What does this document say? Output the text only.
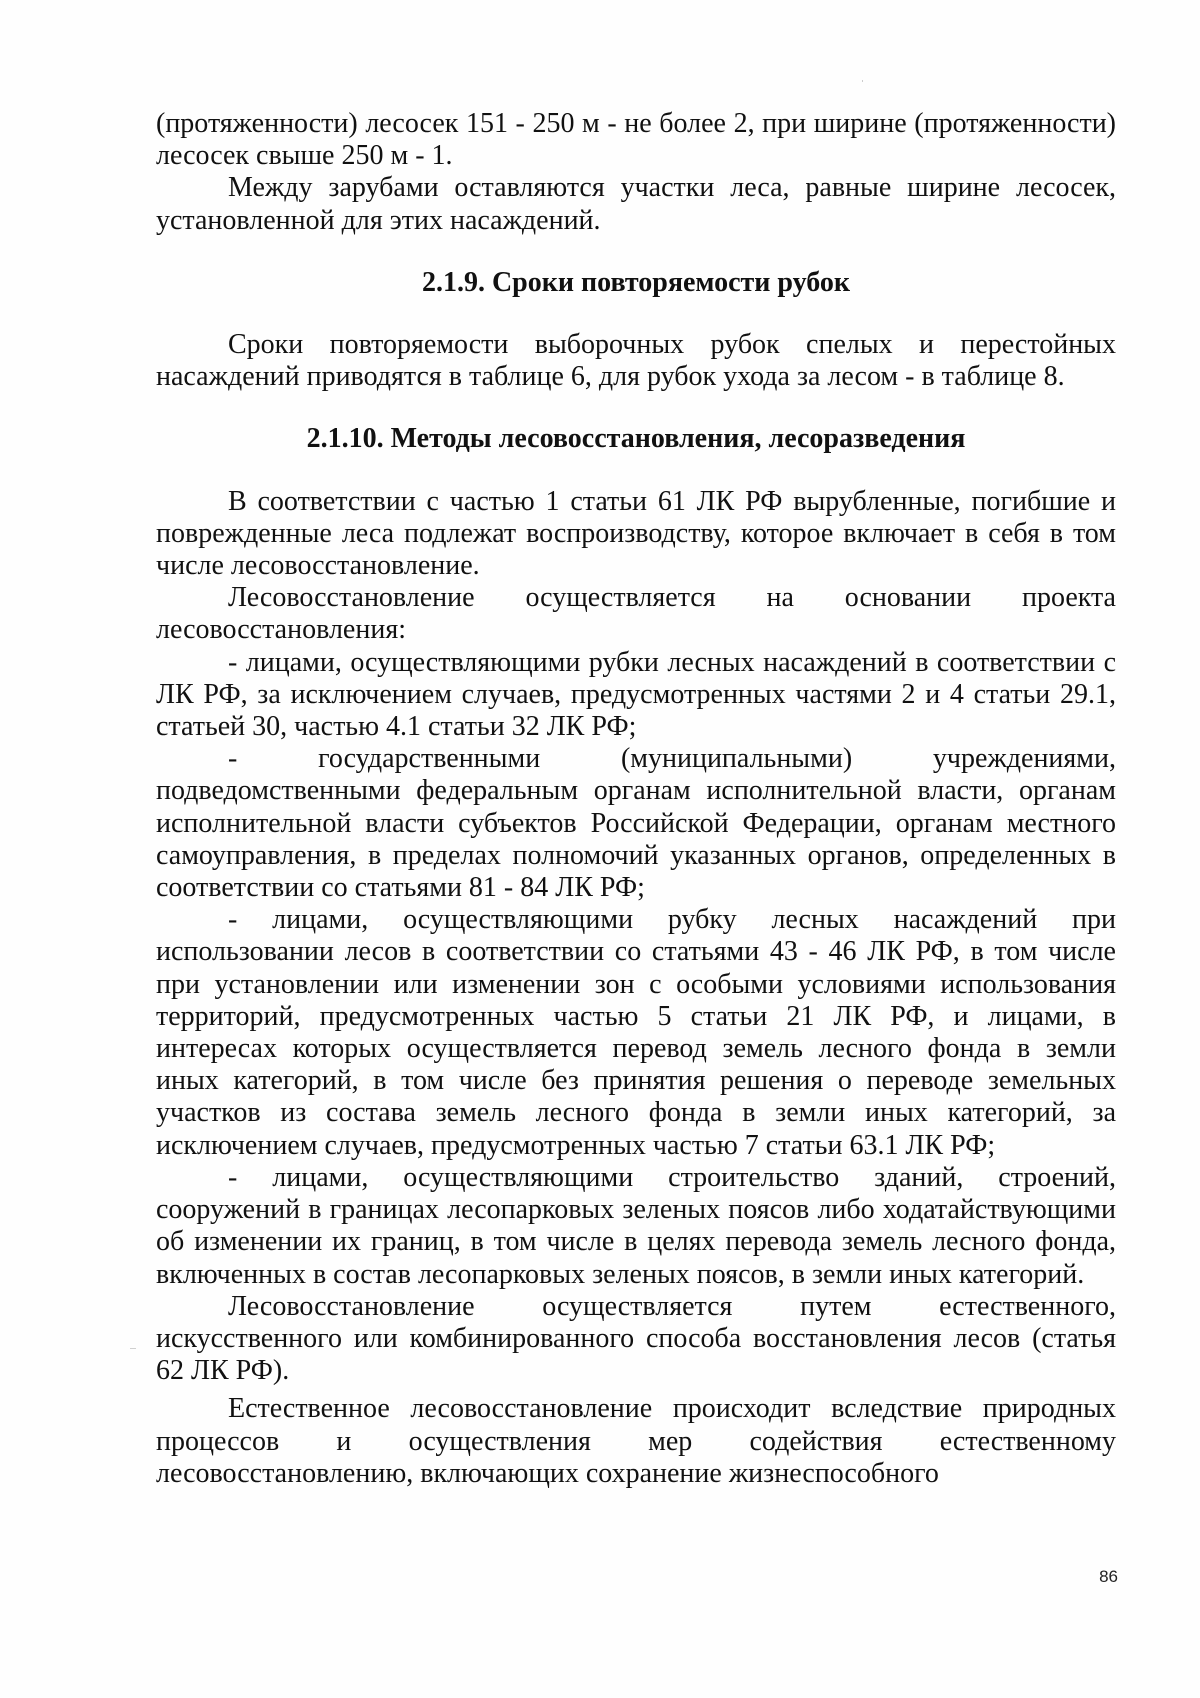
(протяженности) лесосек 151 - 250 м - не более 2, при ширине (протяженности) лесосек свыше 250 м - 1.

Между зарубами оставляются участки леса, равные ширине лесосек, установленной для этих насаждений.

2.1.9. Сроки повторяемости рубок

Сроки повторяемости выборочных рубок спелых и перестойных насаждений приводятся в таблице 6, для рубок ухода за лесом - в таблице 8.

2.1.10. Методы лесовосстановления, лесоразведения

В соответствии с частью 1 статьи 61 ЛК РФ вырубленные, погибшие и поврежденные леса подлежат воспроизводству, которое включает в себя в том числе лесовосстановление.

Лесовосстановление осуществляется на основании проекта лесовосстановления:

- лицами, осуществляющими рубки лесных насаждений в соответствии с ЛК РФ, за исключением случаев, предусмотренных частями 2 и 4 статьи 29.1, статьей 30, частью 4.1 статьи 32 ЛК РФ;

- государственными (муниципальными) учреждениями, подведомственными федеральным органам исполнительной власти, органам исполнительной власти субъектов Российской Федерации, органам местного самоуправления, в пределах полномочий указанных органов, определенных в соответствии со статьями 81 - 84 ЛК РФ;

- лицами, осуществляющими рубку лесных насаждений при использовании лесов в соответствии со статьями 43 - 46 ЛК РФ, в том числе при установлении или изменении зон с особыми условиями использования территорий, предусмотренных частью 5 статьи 21 ЛК РФ, и лицами, в интересах которых осуществляется перевод земель лесного фонда в земли иных категорий, в том числе без принятия решения о переводе земельных участков из состава земель лесного фонда в земли иных категорий, за исключением случаев, предусмотренных частью 7 статьи 63.1 ЛК РФ;

- лицами, осуществляющими строительство зданий, строений, сооружений в границах лесопарковых зеленых поясов либо ходатайствующими об изменении их границ, в том числе в целях перевода земель лесного фонда, включенных в состав лесопарковых зеленых поясов, в земли иных категорий.

Лесовосстановление осуществляется путем естественного, искусственного или комбинированного способа восстановления лесов (статья 62 ЛК РФ).

Естественное лесовосстановление происходит вследствие природных процессов и осуществления мер содействия естественному лесовосстановлению, включающих сохранение жизнеспособного

86
